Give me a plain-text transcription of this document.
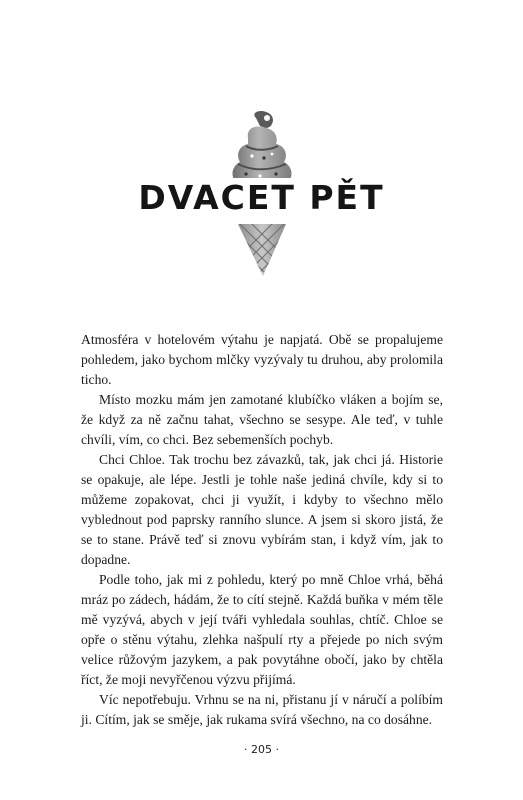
DVACET PĚT

Atmosféra v hotelovém výtahu je napjatá. Obě se propalujeme pohledem, jako bychom mlčky vyzývaly tu druhou, aby prolomila ticho.

Místo mozku mám jen zamotané klubíčko vláken a bojím se, že když za ně začnu tahat, všechno se sesype. Ale teď, v tuhle chvíli, vím, co chci. Bez sebemenších pochyb.

Chci Chloe. Tak trochu bez závazků, tak, jak chci já. Historie se opakuje, ale lépe. Jestli je tohle naše jediná chvíle, kdy si to můžeme zopakovat, chci ji využít, i kdyby to všechno mělo vyblednout pod paprsky ranního slunce. A jsem si skoro jistá, že se to stane. Právě teď si znovu vybírám stan, i když vím, jak to dopadne.

Podle toho, jak mi z pohledu, který po mně Chloe vrhá, běhá mráz po zádech, hádám, že to cítí stejně. Každá buňka v mém těle mě vyzývá, abych v její tváři vyhledala souhlas, chtíč. Chloe se opře o stěnu výtahu, zlehka našpulí rty a přejede po nich svým velice růžovým jazykem, a pak povytáhne obočí, jako by chtěla říct, že moji nevyřčenou výzvu přijímá.

Víc nepotřebuju. Vrhnu se na ni, přistanu jí v náručí a políbím ji. Cítím, jak se směje, jak rukama svírá všechno, na co dosáhne.

· 205 ·
